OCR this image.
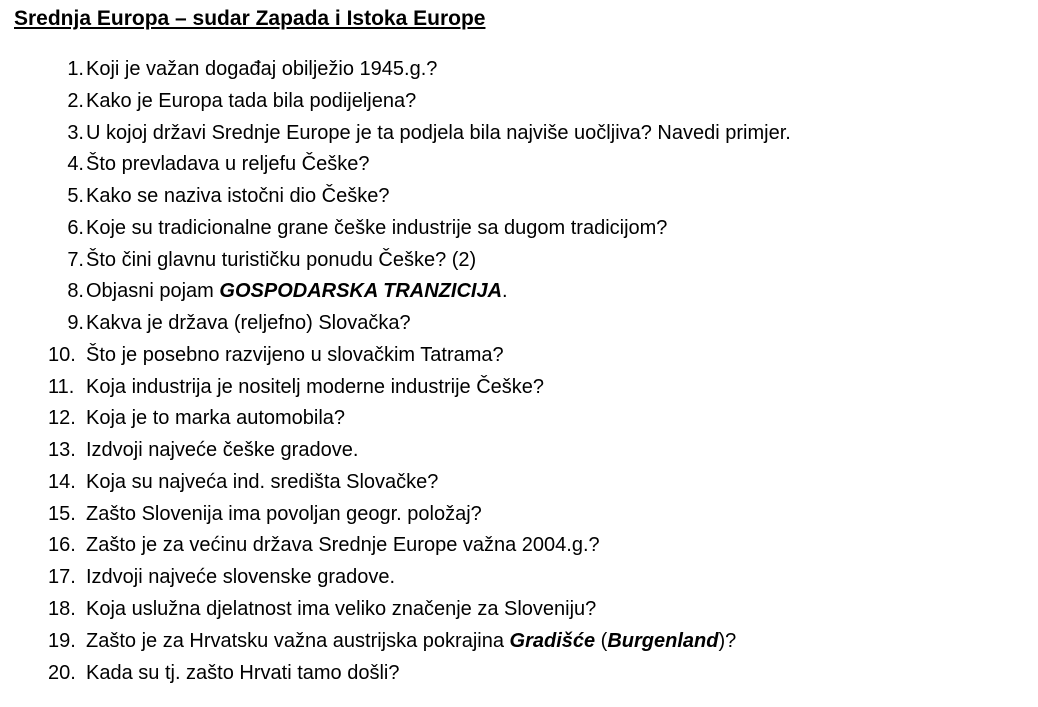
Srednja Europa – sudar Zapada i Istoka Europe
1. Koji je važan događaj obilježio 1945.g.?
2. Kako je Europa tada bila podijeljena?
3. U kojoj državi Srednje Europe je ta podjela bila najviše uočljiva? Navedi primjer.
4. Što prevladava u reljefu Češke?
5. Kako se naziva istočni dio Češke?
6. Koje su tradicionalne grane češke industrije sa dugom tradicijom?
7. Što čini glavnu turističku ponudu Češke? (2)
8. Objasni pojam GOSPODARSKA TRANZICIJA.
9. Kakva je država (reljefno) Slovačka?
10. Što je posebno razvijeno u slovačkim Tatrama?
11. Koja industrija je nositelj moderne industrije Češke?
12. Koja je to marka automobila?
13. Izdvoji najveće češke gradove.
14. Koja su najveća ind. središta Slovačke?
15. Zašto Slovenija ima povoljan geogr. položaj?
16. Zašto je za većinu država Srednje Europe važna 2004.g.?
17. Izdvoji najveće slovenske gradove.
18. Koja uslužna djelatnost ima veliko značenje za Sloveniju?
19. Zašto je za Hrvatsku važna austrijska pokrajina Gradišće (Burgenland)?
20. Kada su tj. zašto Hrvati tamo došli?
